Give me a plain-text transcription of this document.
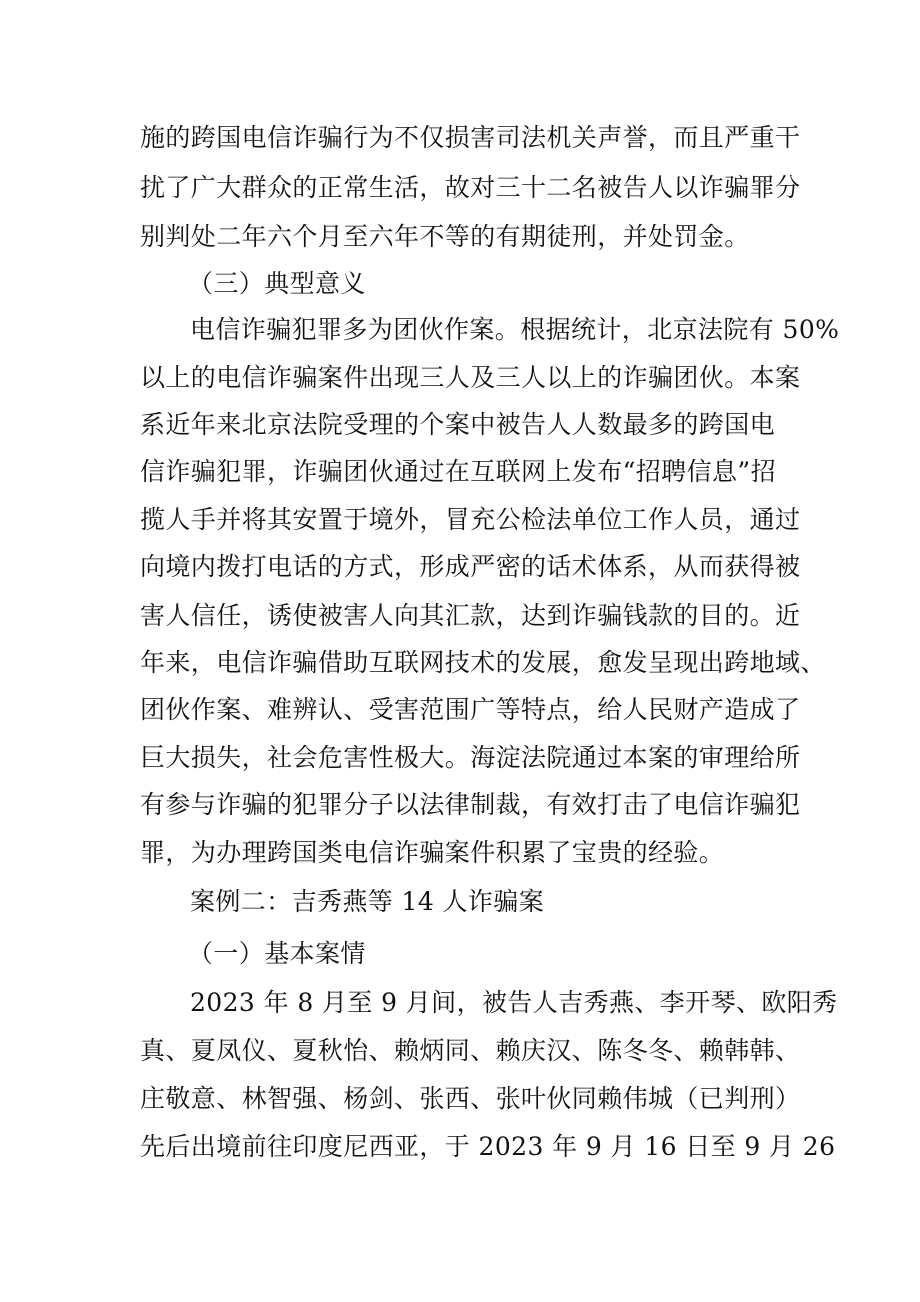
施的跨国电信诈骗行为不仅损害司法机关声誉，而且严重干
扰了广大群众的正常生活，故对三十二名被告人以诈骗罪分
别判处二年六个月至六年不等的有期徒刑，并处罚金。
（三）典型意义
电信诈骗犯罪多为团伙作案。根据统计，北京法院有 50%
以上的电信诈骗案件出现三人及三人以上的诈骗团伙。本案
系近年来北京法院受理的个案中被告人人数最多的跨国电
信诈骗犯罪，诈骗团伙通过在互联网上发布“招聘信息”招
揽人手并将其安置于境外，冒充公检法单位工作人员，通过
向境内拨打电话的方式，形成严密的话术体系，从而获得被
害人信任，诱使被害人向其汇款，达到诈骗钱款的目的。近
年来，电信诈骗借助互联网技术的发展，愈发呈现出跨地域、
团伙作案、难辨认、受害范围广等特点，给人民财产造成了
巨大损失，社会危害性极大。海淀法院通过本案的审理给所
有参与诈骗的犯罪分子以法律制裁，有效打击了电信诈骗犯
罪，为办理跨国类电信诈骗案件积累了宝贵的经验。
案例二：吉秀燕等 14 人诈骗案
（一）基本案情
2023 年 8 月至 9 月间，被告人吉秀燕、李开琴、欧阳秀
真、夏凤仪、夏秋怡、赖炳同、赖庆汉、陈冬冬、赖韩韩、
庄敬意、林智强、杨剑、张西、张叶伙同赖伟城（已判刑）
先后出境前往印度尼西亚，于 2023 年 9 月 16 日至 9 月 26
